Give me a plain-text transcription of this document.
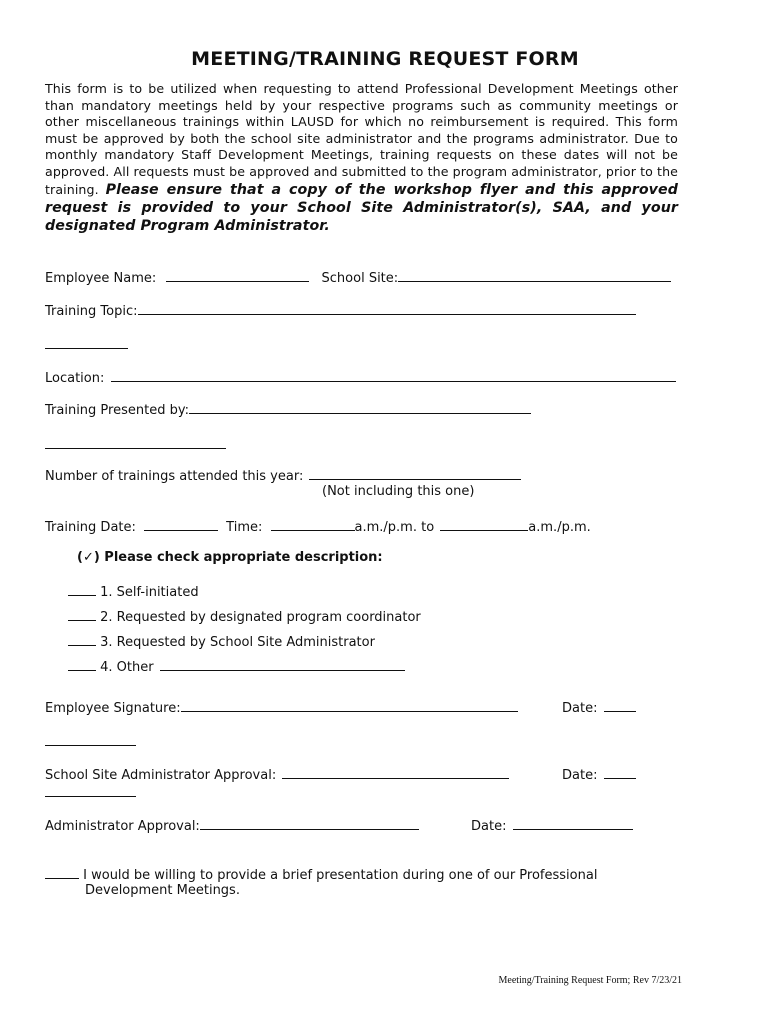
MEETING/TRAINING REQUEST FORM
This form is to be utilized when requesting to attend Professional Development Meetings other than mandatory meetings held by your respective programs such as community meetings or other miscellaneous trainings within LAUSD for which no reimbursement is required. This form must be approved by both the school site administrator and the programs administrator. Due to monthly mandatory Staff Development Meetings, training requests on these dates will not be approved. All requests must be approved and submitted to the program administrator, prior to the training. Please ensure that a copy of the workshop flyer and this approved request is provided to your School Site Administrator(s), SAA, and your designated Program Administrator.
Employee Name:	School Site:
Training Topic:
Location:
Training Presented by:
Number of trainings attended this year:
(Not including this one)
Training Date:	Time:	a.m./p.m. to	a.m./p.m.
(✓) Please check appropriate description:
1. Self-initiated
2. Requested by designated program coordinator
3. Requested by School Site Administrator
4. Other
Employee Signature:	Date:
School Site Administrator Approval:	Date:
Administrator Approval:	Date:
I would be willing to provide a brief presentation during one of our Professional
Development Meetings.
Meeting/Training Request Form; Rev 7/23/21
